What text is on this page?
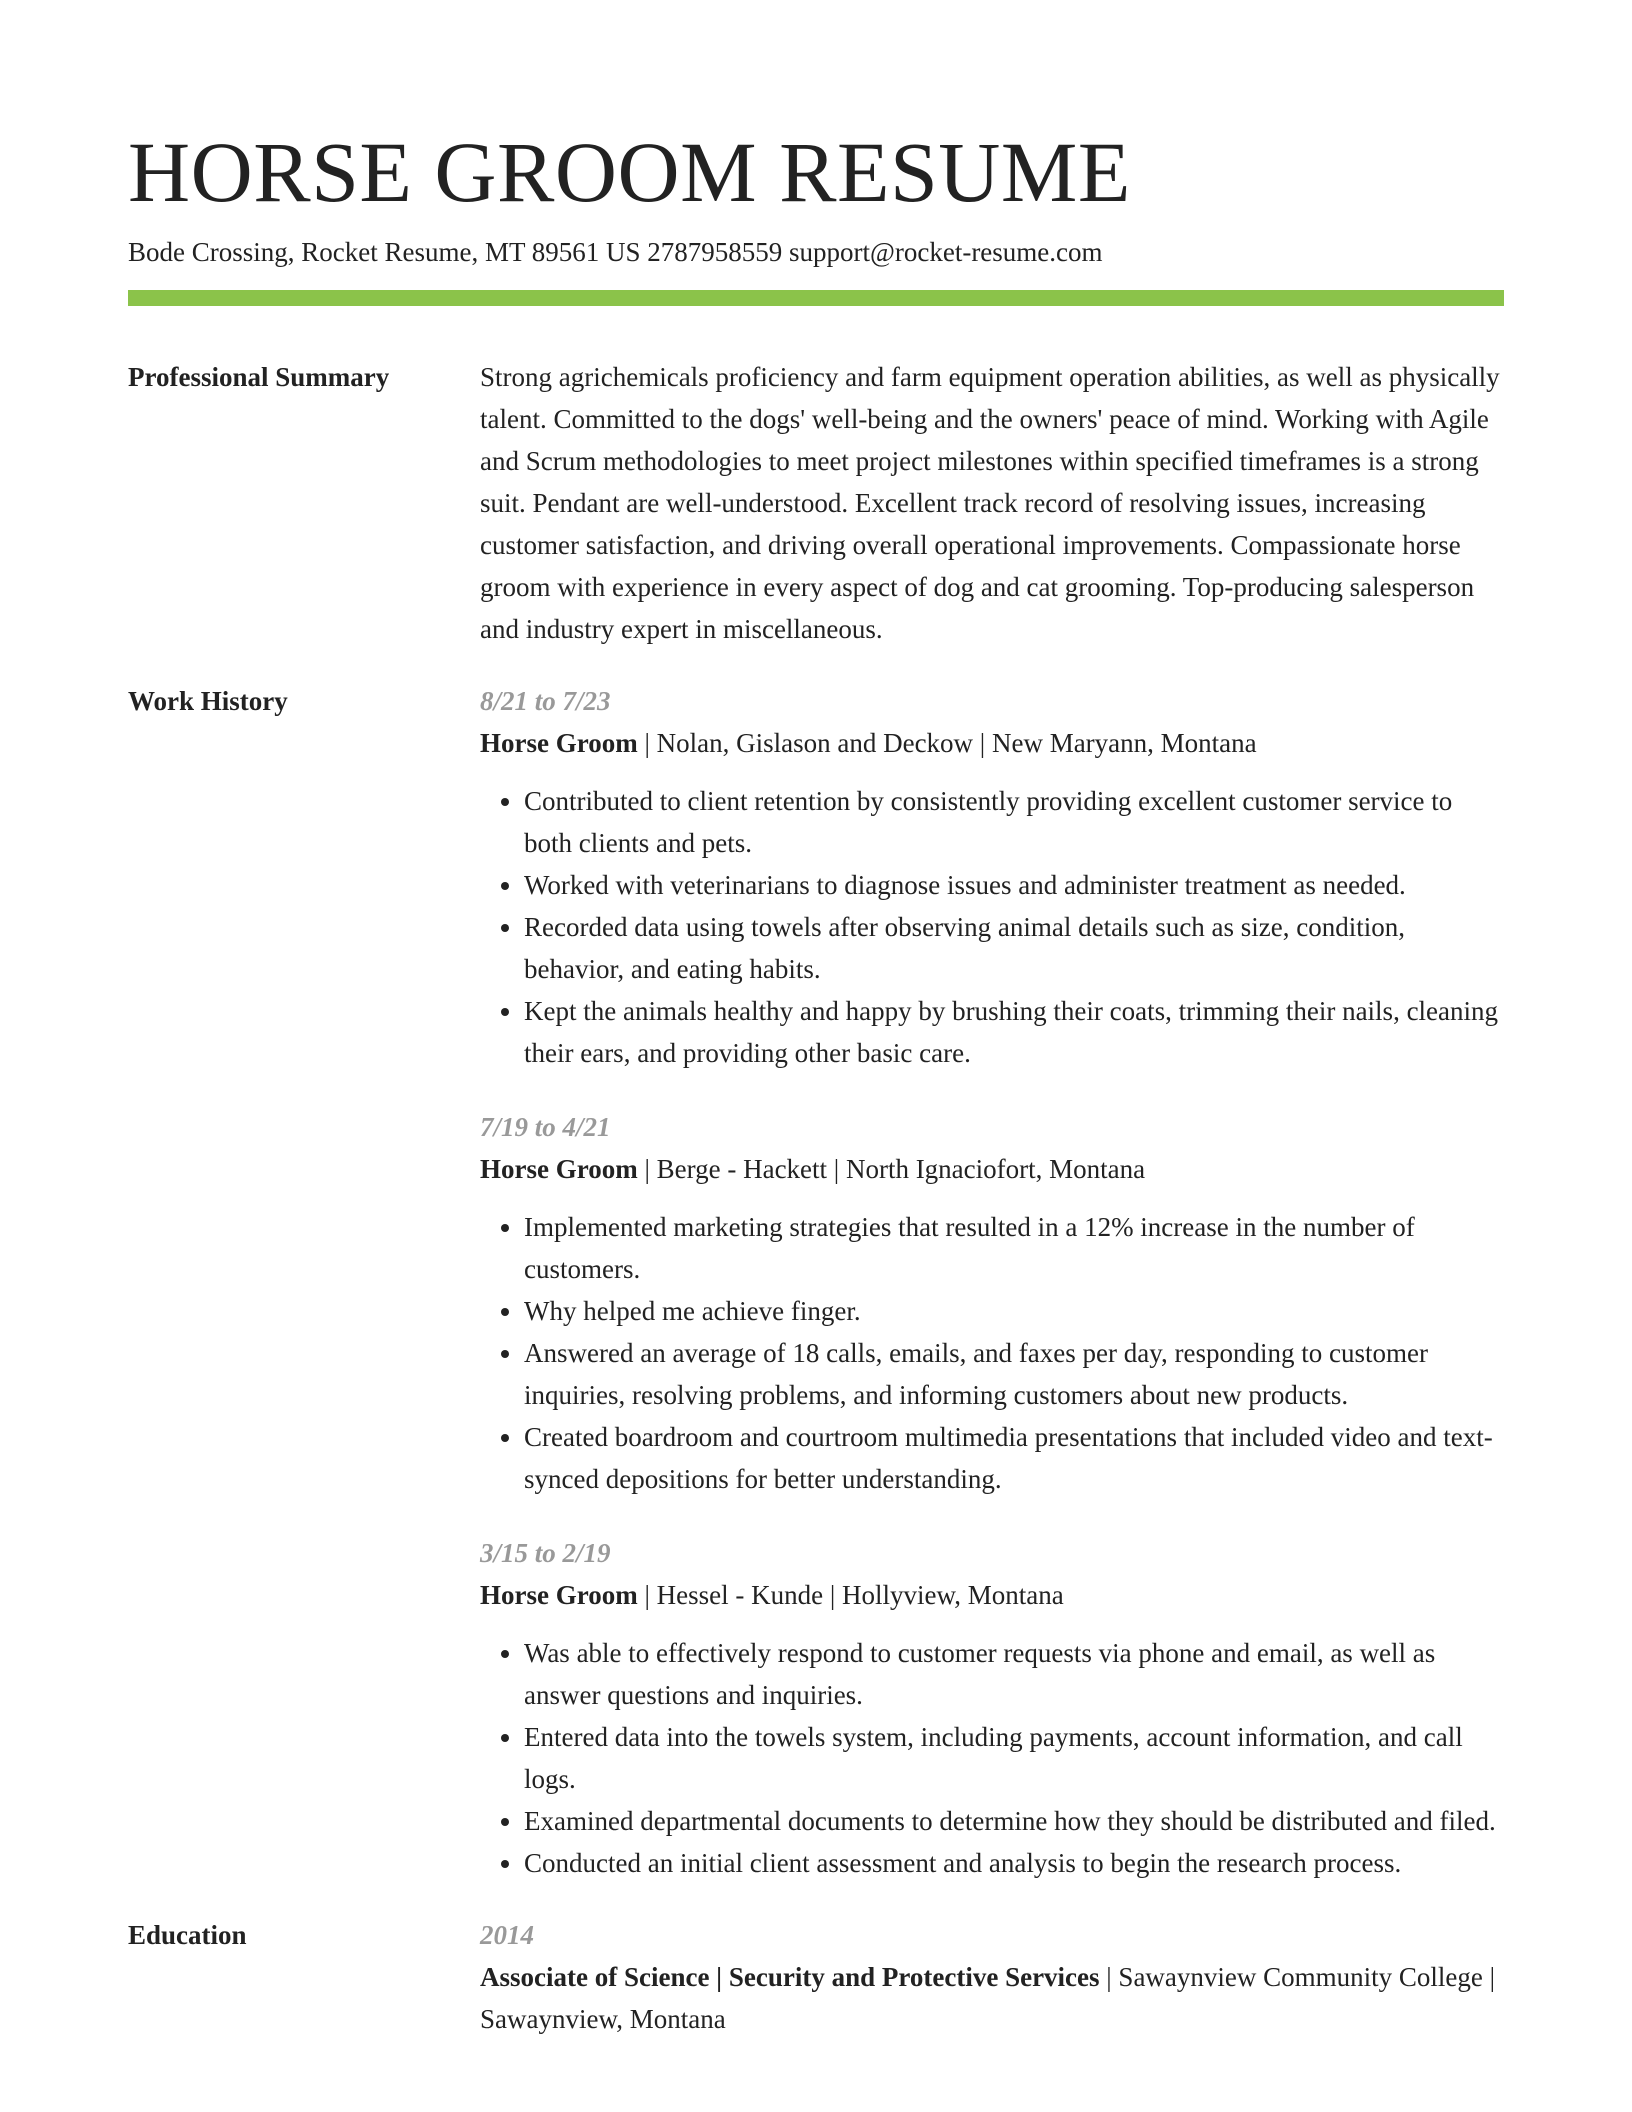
HORSE GROOM RESUME
Bode Crossing, Rocket Resume, MT 89561 US 2787958559 support@rocket-resume.com
Professional Summary	Strong agrichemicals proficiency and farm equipment operation abilities, as well as physically talent. Committed to the dogs' well-being and the owners' peace of mind. Working with Agile and Scrum methodologies to meet project milestones within specified timeframes is a strong suit. Pendant are well-understood. Excellent track record of resolving issues, increasing customer satisfaction, and driving overall operational improvements. Compassionate horse groom with experience in every aspect of dog and cat grooming. Top-producing salesperson and industry expert in miscellaneous.

Work History	8/21 to 7/23
Horse Groom | Nolan, Gislason and Deckow | New Maryann, Montana
• Contributed to client retention by consistently providing excellent customer service to both clients and pets.
• Worked with veterinarians to diagnose issues and administer treatment as needed.
• Recorded data using towels after observing animal details such as size, condition, behavior, and eating habits.
• Kept the animals healthy and happy by brushing their coats, trimming their nails, cleaning their ears, and providing other basic care.
7/19 to 4/21
Horse Groom | Berge - Hackett | North Ignaciofort, Montana
• Implemented marketing strategies that resulted in a 12% increase in the number of customers.
• Why helped me achieve finger.
• Answered an average of 18 calls, emails, and faxes per day, responding to customer inquiries, resolving problems, and informing customers about new products.
• Created boardroom and courtroom multimedia presentations that included video and text-synced depositions for better understanding.
3/15 to 2/19
Horse Groom | Hessel - Kunde | Hollyview, Montana
• Was able to effectively respond to customer requests via phone and email, as well as answer questions and inquiries.
• Entered data into the towels system, including payments, account information, and call logs.
• Examined departmental documents to determine how they should be distributed and filed.
• Conducted an initial client assessment and analysis to begin the research process.
Education	2014
Associate of Science | Security and Protective Services | Sawaynview Community College | Sawaynview, Montana
